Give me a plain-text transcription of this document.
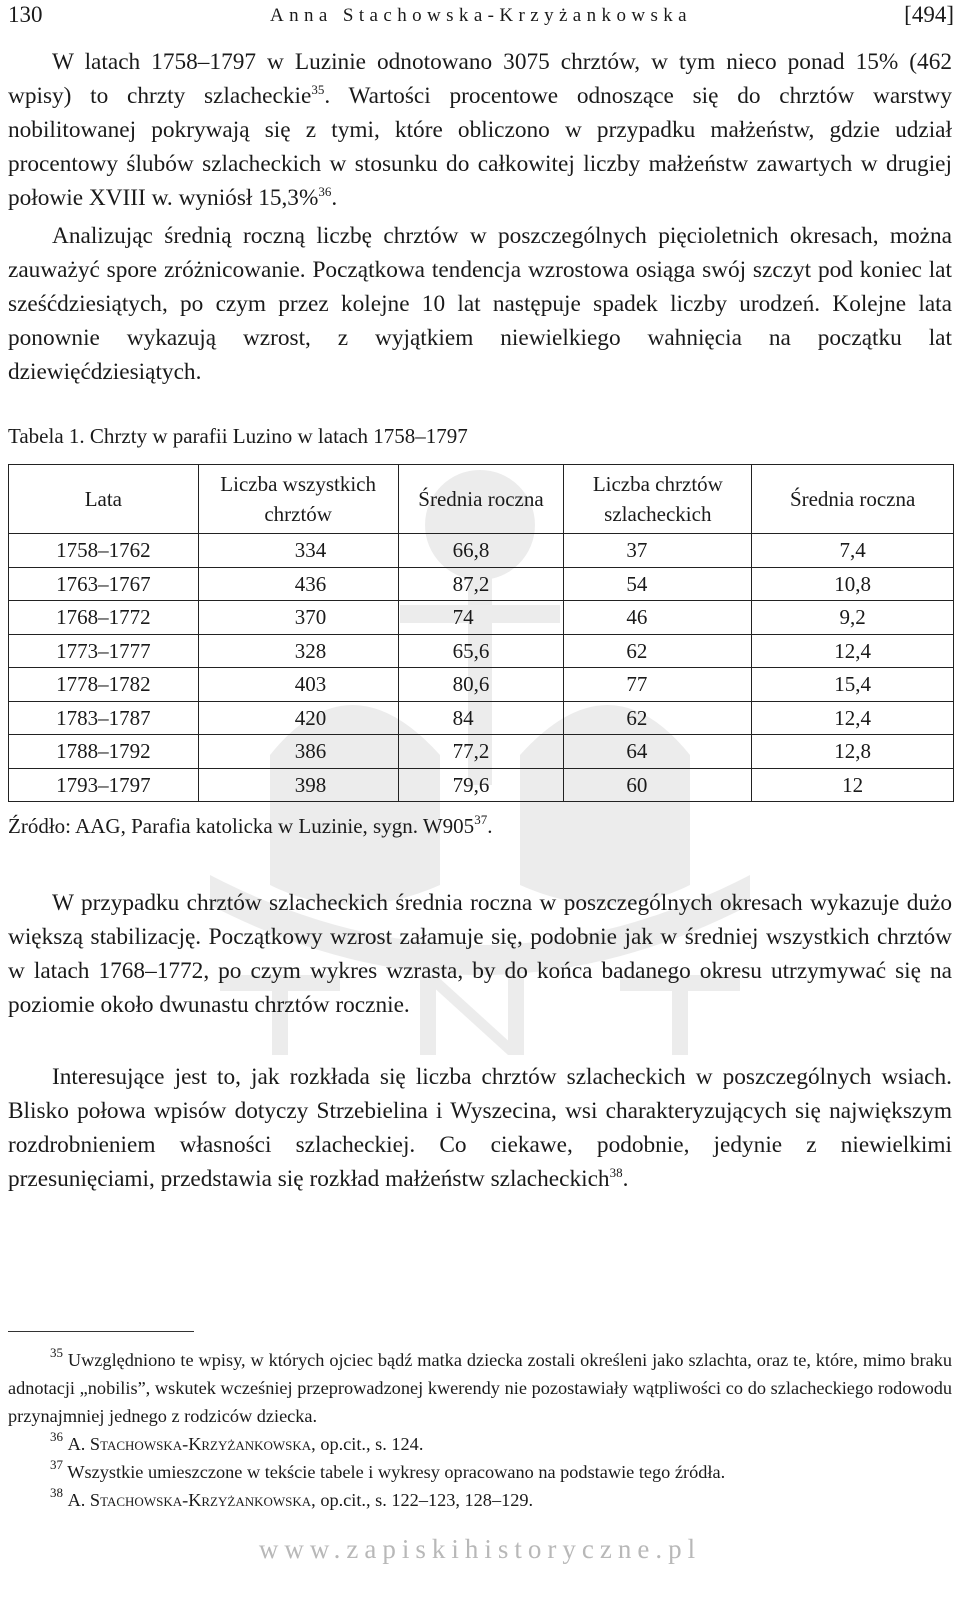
130	Anna Stachowska-Krzyżankowska	[494]

W latach 1758–1797 w Luzinie odnotowano 3075 chrztów, w tym nieco ponad 15% (462 wpisy) to chrzty szlacheckie$^{35}$. Wartości procentowe odnoszące się do chrztów warstwy nobilitowanej pokrywają się z tymi, które obliczono w przypadku małżeństw, gdzie udział procentowy ślubów szlacheckich w stosunku do całkowitej liczby małżeństw zawartych w drugiej połowie XVIII w. wyniósł 15,3%$^{36}$.

Analizując średnią roczną liczbę chrztów w poszczególnych pięcioletnich okresach, można zauważyć spore zróżnicowanie. Początkowa tendencja wzrostowa osiąga swój szczyt pod koniec lat sześćdziesiątych, po czym przez kolejne 10 lat następuje spadek liczby urodzeń. Kolejne lata ponownie wykazują wzrost, z wyjątkiem niewielkiego wahnięcia na początku lat dziewięćdziesiątych.

Tabela 1. Chrzty w parafii Luzino w latach 1758–1797
Lata	Liczba wszystkich chrztów	Średnia roczna	Liczba chrztów szlacheckich	Średnia roczna
1758–1762	334	66,8	37	7,4
1763–1767	436	87,2	54	10,8
1768–1772	370	74	46	9,2
1773–1777	328	65,6	62	12,4
1778–1782	403	80,6	77	15,4
1783–1787	420	84	62	12,4
1788–1792	386	77,2	64	12,8
1793–1797	398	79,6	60	12
Źródło: AAG, Parafia katolicka w Luzinie, sygn. $W905^{37}$.

W przypadku chrztów szlacheckich średnia roczna w poszczególnych okresach wykazuje dużo większą stabilizację. Początkowy wzrost załamuje się, podobnie jak w średniej wszystkich chrztów w latach 1768–1772, po czym wykres wzrasta, by do końca badanego okresu utrzymywać się na poziomie około dwunastu chrztów rocznie.

Interesujące jest to, jak rozkłada się liczba chrztów szlacheckich w poszczególnych wsiach. Blisko połowa wpisów dotyczy Strzebielina i Wyszecina, wsi charakteryzujących się największym rozdrobnieniem własności szlacheckiej. Co ciekawe, podobnie, jedynie z niewielkimi przesunięciami, przedstawia się rozkład małżeństw szlacheckich$^{38}$.

$^{35}$ Uwzględniono te wpisy, w których ojciec bądź matka dziecka zostali określeni jako szlachta, oraz te, które, mimo braku adnotacji „nobilis”, wskutek wcześniej przeprowadzonej kwerendy nie pozostawiały wątpliwości co do szlacheckiego rodowodu przynajmniej jednego z rodziców dziecka.

$^{36}$ A. Stachowska-Krzyżankowska, op.cit., s. 124.

$^{37}$ Wszystkie umieszczone w tekście tabele i wykresy opracowano na podstawie tego źródła.

$^{38}$ A. Stachowska-Krzyżankowska, op.cit., s. 122–123, 128–129.

www.zapiskihistoryczne.pl
